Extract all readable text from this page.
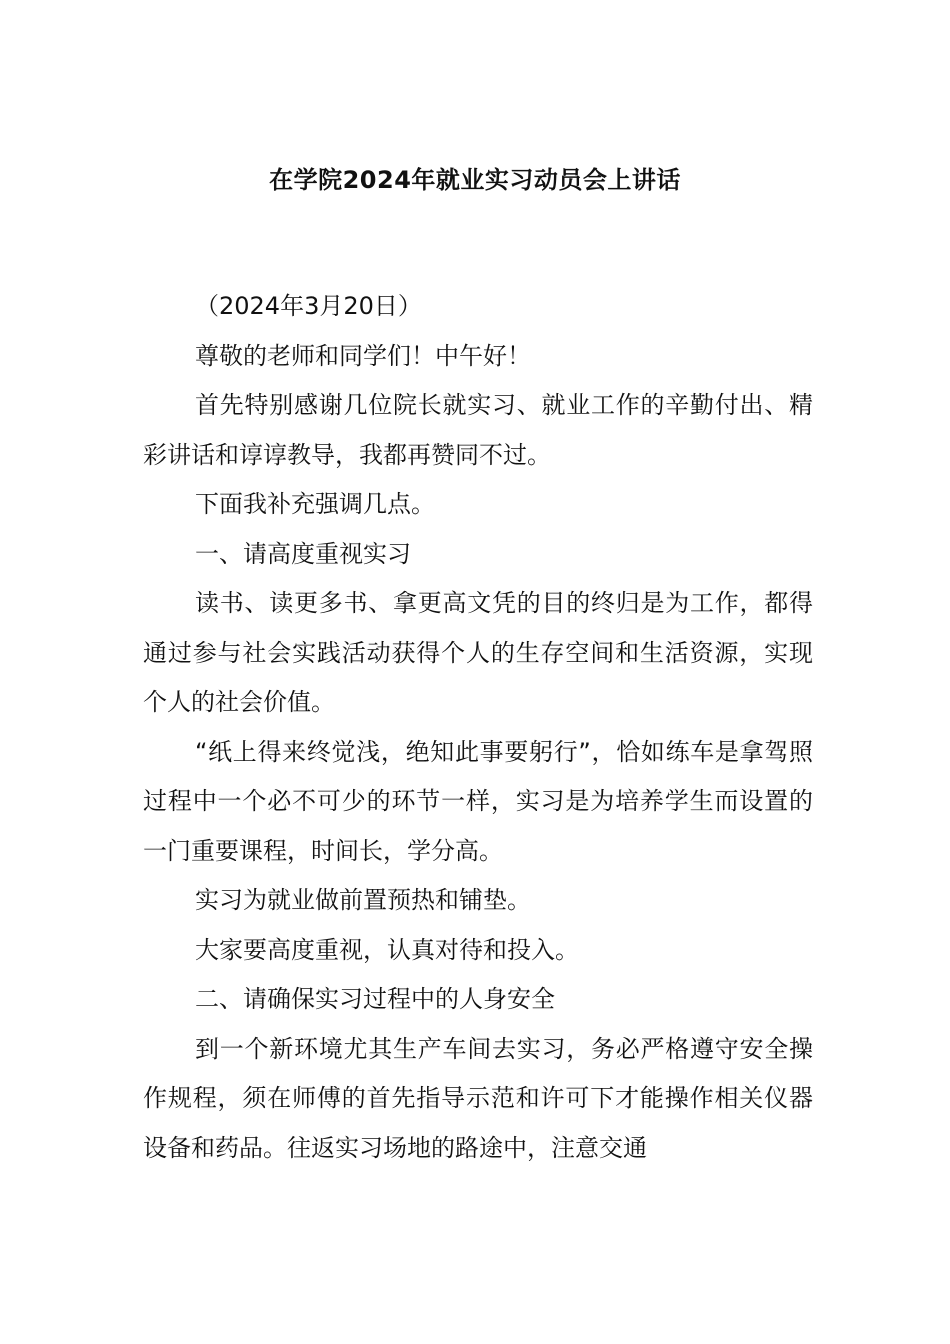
在学院2024年就业实习动员会上讲话

（2024年3月20日）

尊敬的老师和同学们！中午好！

首先特别感谢几位院长就实习、就业工作的辛勤付出、精彩讲话和谆谆教导，我都再赞同不过。

下面我补充强调几点。

一、请高度重视实习

读书、读更多书、拿更高文凭的目的终归是为工作，都得通过参与社会实践活动获得个人的生存空间和生活资源，实现个人的社会价值。

“纸上得来终觉浅，绝知此事要躬行”，恰如练车是拿驾照过程中一个必不可少的环节一样，实习是为培养学生而设置的一门重要课程，时间长，学分高。

实习为就业做前置预热和铺垫。

大家要高度重视，认真对待和投入。

二、请确保实习过程中的人身安全

到一个新环境尤其生产车间去实习，务必严格遵守安全操作规程，须在师傅的首先指导示范和许可下才能操作相关仪器设备和药品。往返实习场地的路途中，注意交通
